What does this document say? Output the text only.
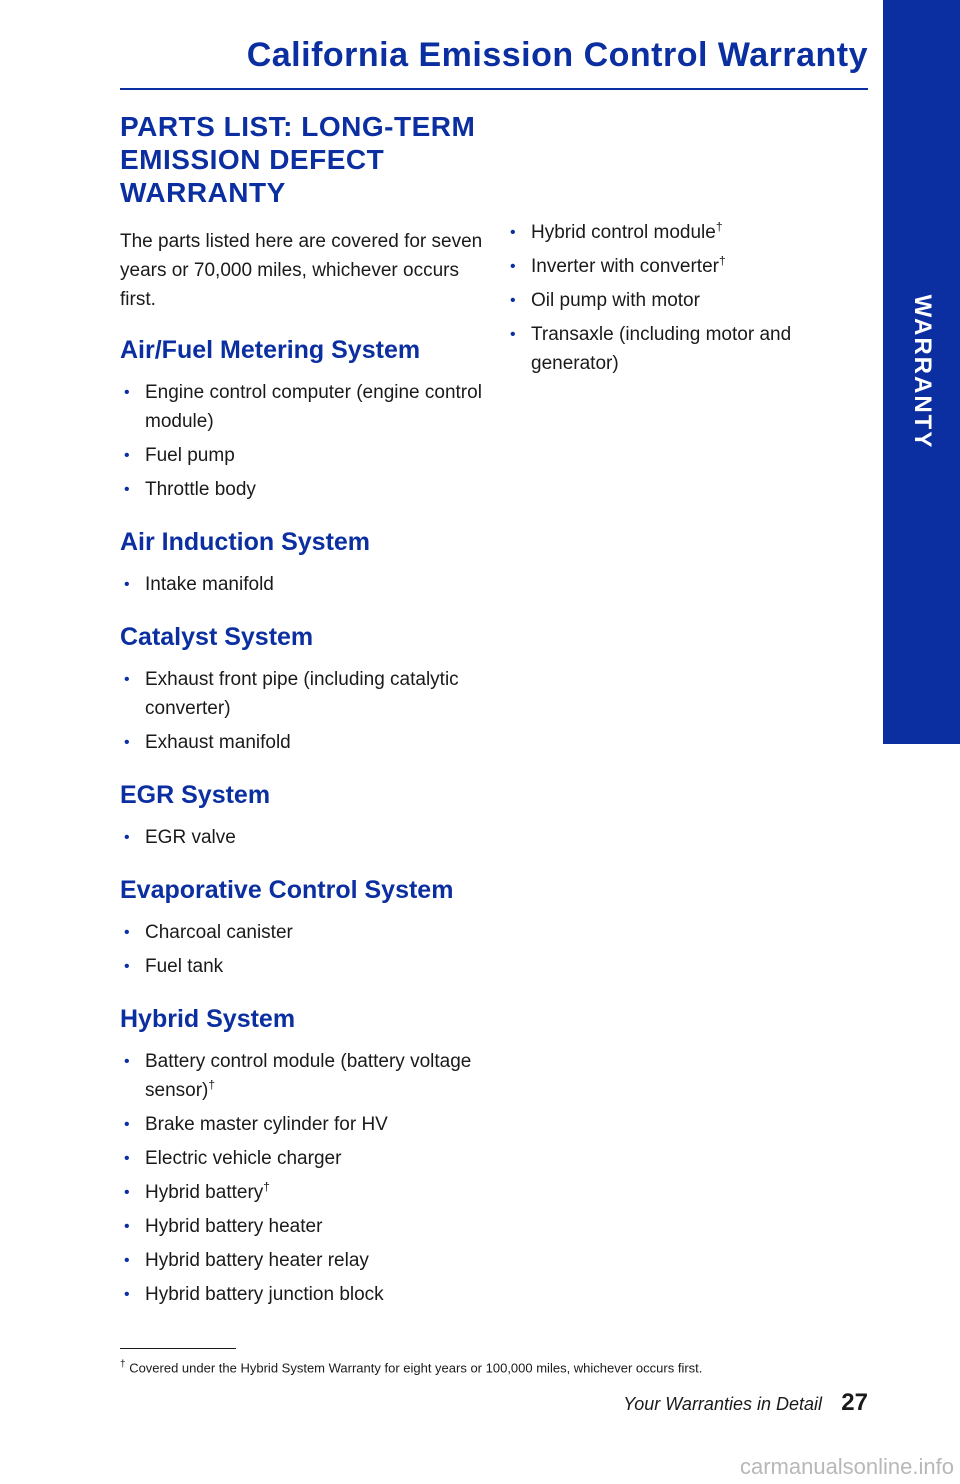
California Emission Control Warranty
WARRANTY
PARTS LIST: LONG-TERM
EMISSION DEFECT
WARRANTY

The parts listed here are covered for seven years or 70,000 miles, whichever occurs first.

Air/Fuel Metering System
• Engine control computer (engine control module)
• Fuel pump
• Throttle body
Air Induction System
• Intake manifold
Catalyst System
• Exhaust front pipe (including catalytic converter)
• Exhaust manifold
EGR System
• EGR valve
Evaporative Control System
• Charcoal canister
• Fuel tank
Hybrid System
• Battery control module (battery voltage sensor)†
• Brake master cylinder for HV
• Electric vehicle charger
• Hybrid battery†
• Hybrid battery heater
• Hybrid battery heater relay
• Hybrid battery junction block
• Hybrid control module†
• Inverter with converter†
• Oil pump with motor
• Transaxle (including motor and generator)
† Covered under the Hybrid System Warranty for eight years or 100,000 miles, whichever occurs first.
Your Warranties in Detail 27
carmanualsonline.info
